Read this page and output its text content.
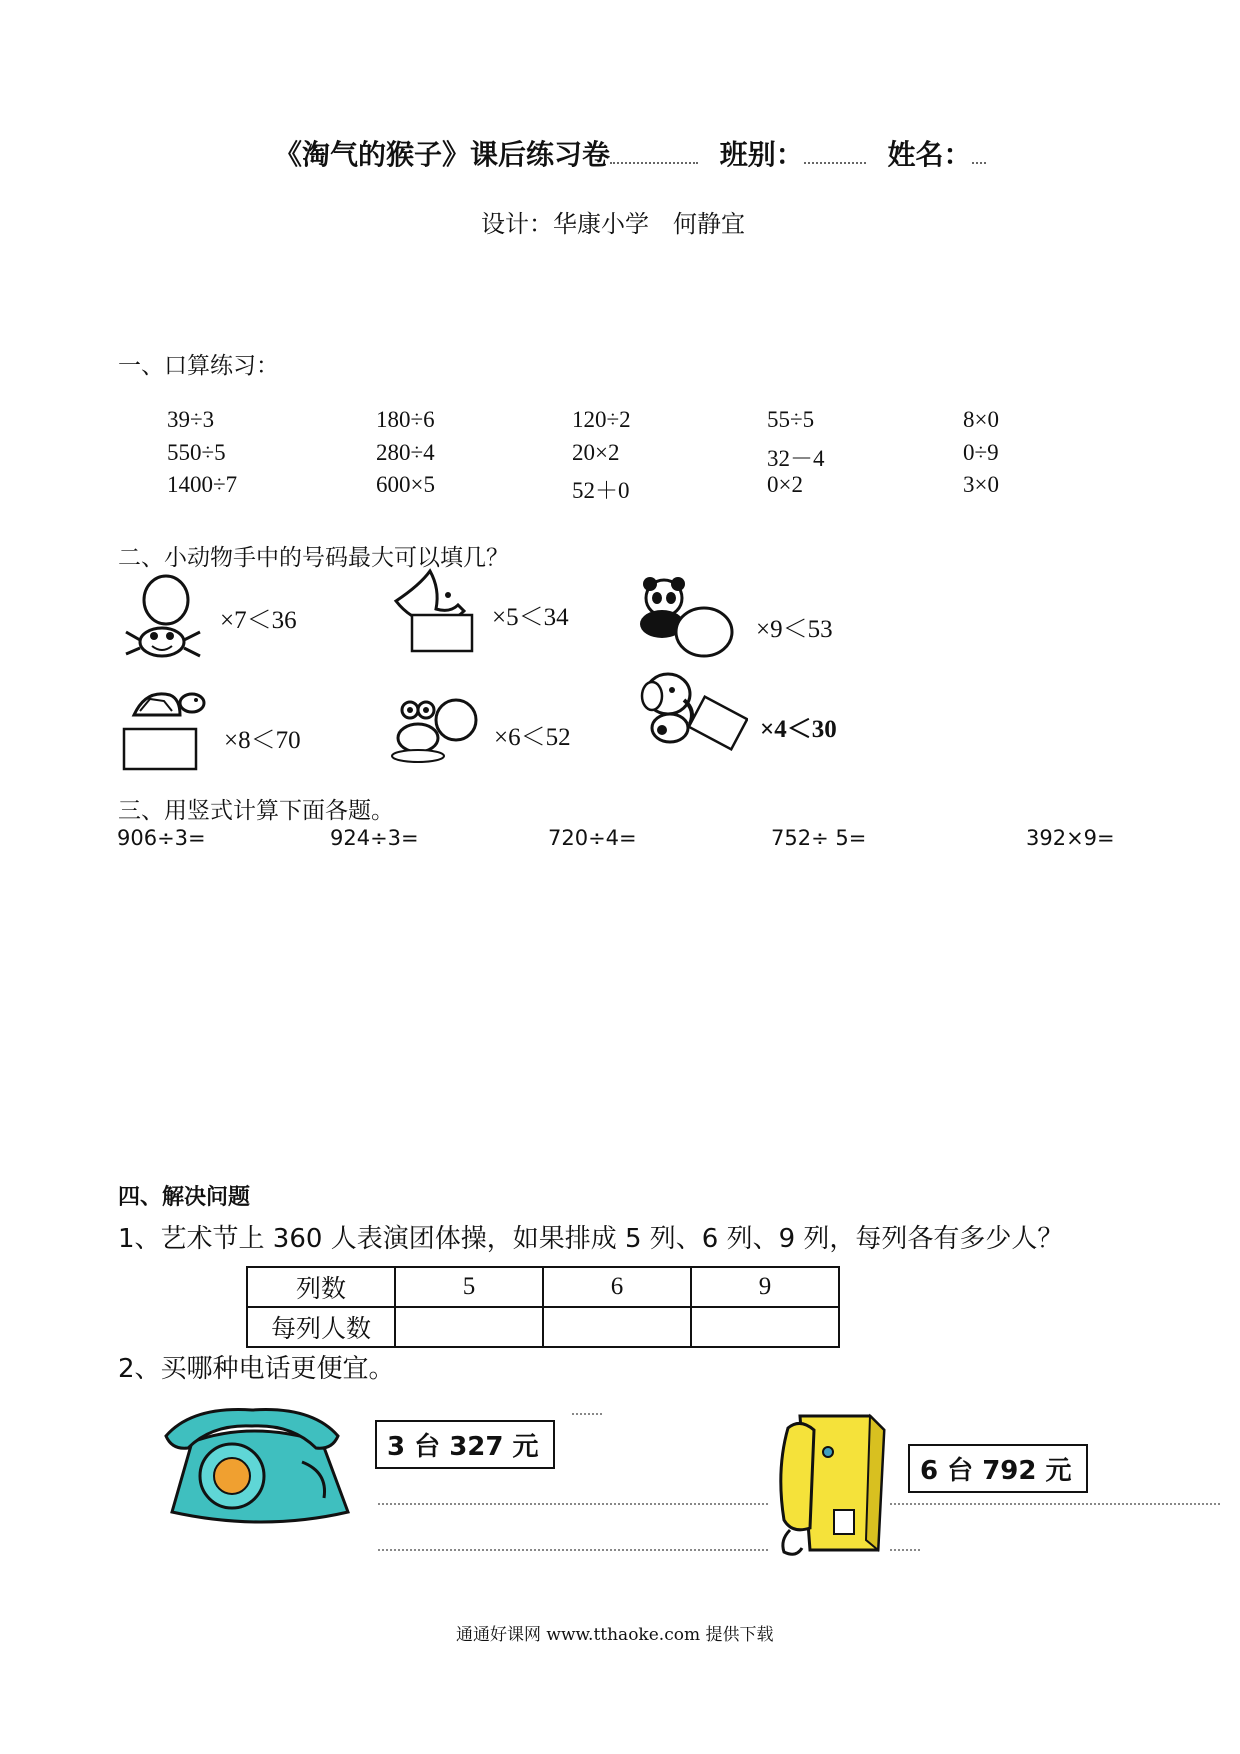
《淘气的猴子》课后练习卷	班别：	姓名：
设计：华康小学　何静宜
一、口算练习：
39÷3	180÷6	120÷2	55÷5	8×0
550÷5	280÷4	20×2	32－4	0÷9
1400÷7	600×5	52＋0	0×2	3×0
二、小动物手中的号码最大可以填几？
×7＜36	×5＜34	×9＜53
×8＜70	×6＜52	×4＜30
三、用竖式计算下面各题。
906÷3=	924÷3=	720÷4=	752÷ 5=	392×9=
四、解决问题
1、艺术节上 360 人表演团体操，如果排成 5 列、6 列、9 列，每列各有多少人？
列数	5	6	9
每列人数			
2、买哪种电话更便宜。
3 台 327 元
6 台 792 元
通通好课网 www.tthaoke.com 提供下载
